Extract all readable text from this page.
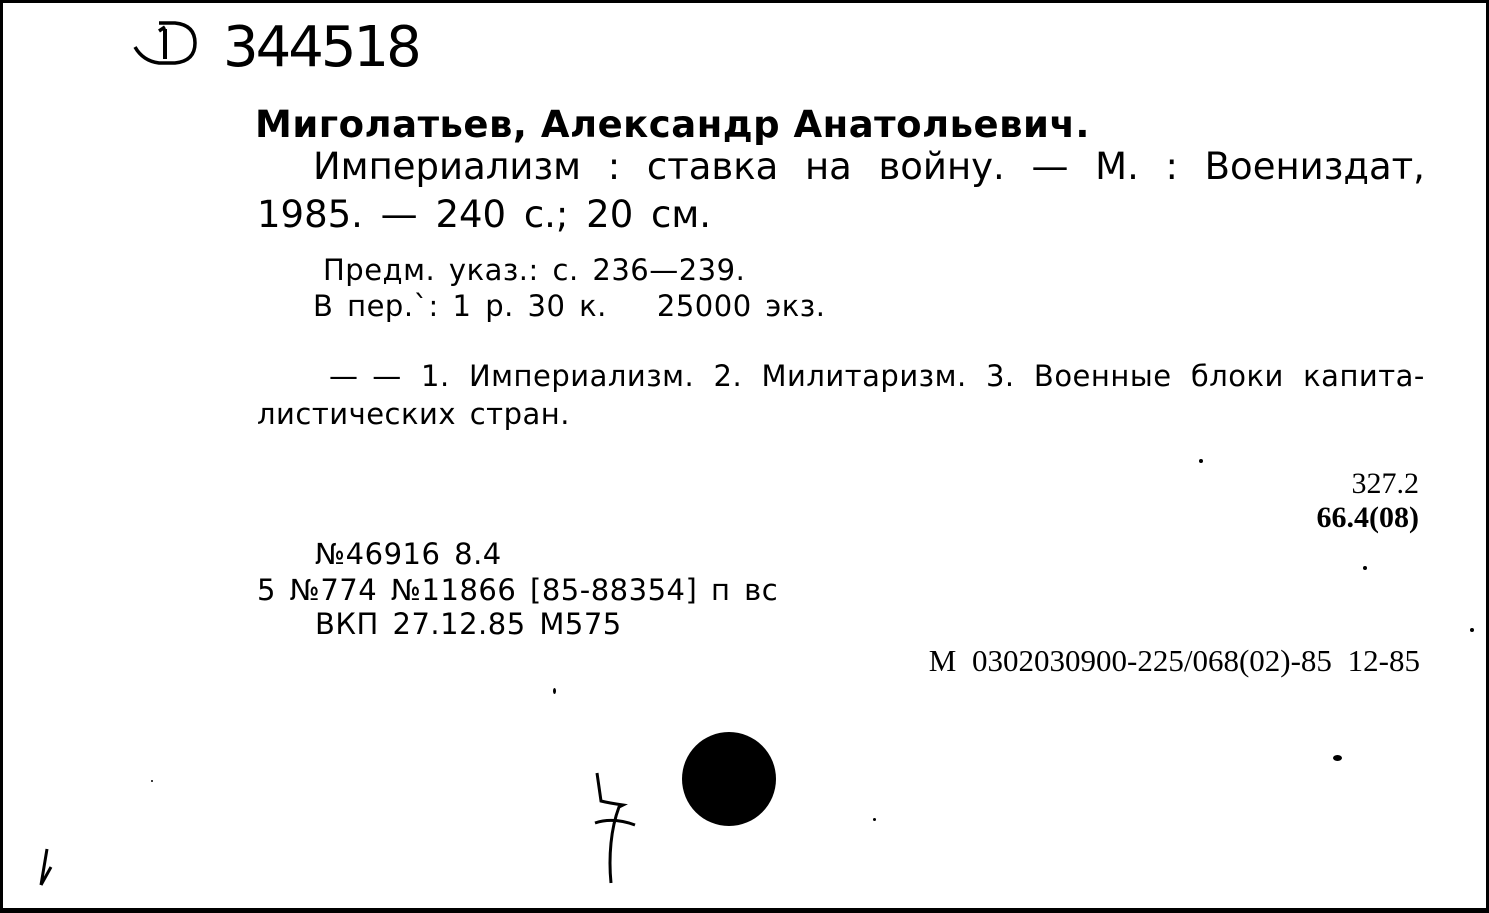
344518
Миголатьев, Александр Анатольевич.
Империализм : ставка на войну. — М. : Воениздат,
1985. — 240 с.; 20 см.
Предм. указ.: с. 236—239.
В пер.`: 1 р. 30 к. 25000 экз.
— — 1. Империализм. 2. Милитаризм. 3. Военные блоки капита-
листических стран.
327.2
66.4(08)
№46916 8.4
5 №774 №11866 [85-88354] п вс
ВКП 27.12.85 М575
М 0302030900-225/068(02)-85 12-85
